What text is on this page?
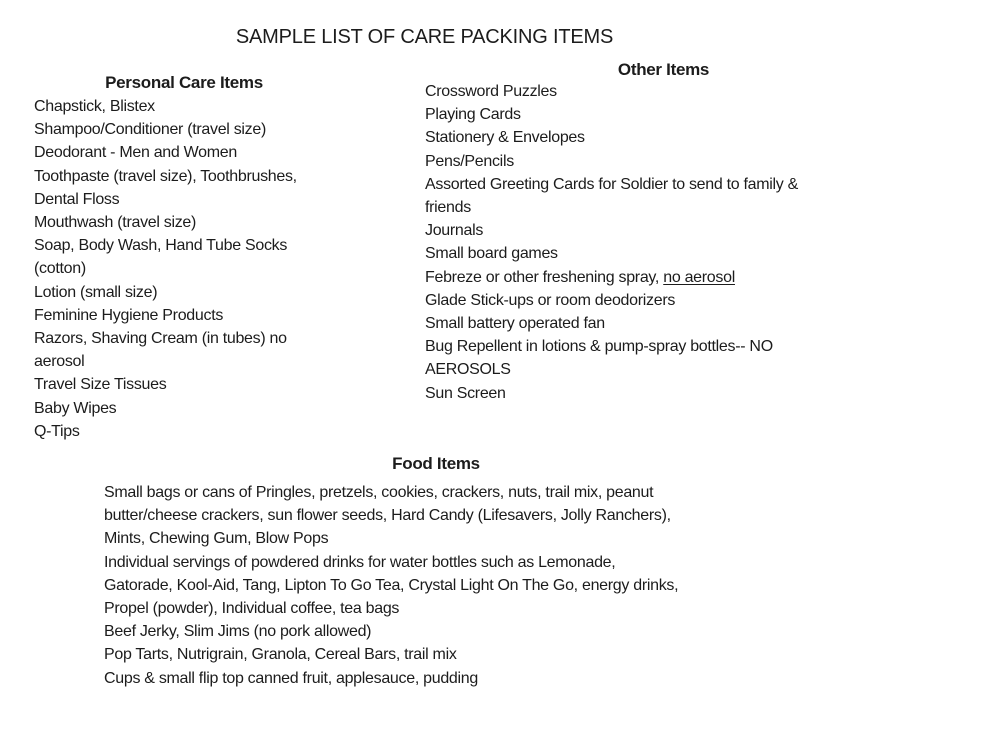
SAMPLE LIST OF CARE PACKING ITEMS
Personal Care Items
Chapstick, Blistex
Shampoo/Conditioner (travel size)
Deodorant - Men and Women
Toothpaste (travel size), Toothbrushes,
Dental Floss
Mouthwash (travel size)
Soap, Body Wash, Hand Tube Socks
(cotton)
Lotion (small size)
Feminine Hygiene Products
Razors, Shaving Cream (in tubes) no
aerosol
Travel Size Tissues
Baby Wipes
Q-Tips
Other Items
Crossword Puzzles
Playing Cards
Stationery & Envelopes
Pens/Pencils
Assorted Greeting Cards for Soldier to send to family &
friends
Journals
Small board games
Febreze or other freshening spray, no aerosol
Glade Stick-ups or room deodorizers
Small battery operated fan
Bug Repellent in lotions & pump-spray bottles-- NO
AEROSOLS
Sun Screen
Food Items
Small bags or cans of Pringles, pretzels, cookies, crackers, nuts, trail mix, peanut
butter/cheese crackers, sun flower seeds, Hard Candy (Lifesavers, Jolly Ranchers),
Mints, Chewing Gum, Blow Pops
Individual servings of powdered drinks for water bottles such as Lemonade,
Gatorade, Kool-Aid, Tang, Lipton To Go Tea, Crystal Light On The Go, energy drinks,
Propel (powder), Individual coffee, tea bags
Beef Jerky, Slim Jims (no pork allowed)
Pop Tarts, Nutrigrain, Granola, Cereal Bars, trail mix
Cups & small flip top canned fruit, applesauce, pudding
